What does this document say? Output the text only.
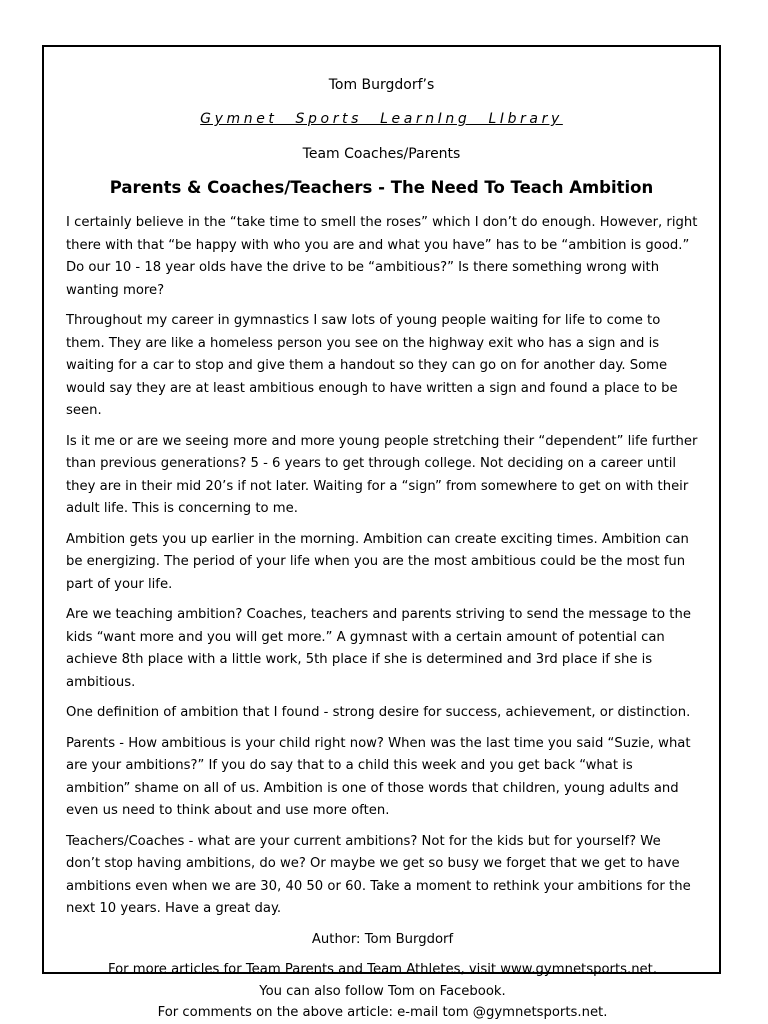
Tom Burgdorf’s
Gymnet Sports LearnIng LIbrary
Team Coaches/Parents
Parents & Coaches/Teachers - The Need To Teach Ambition

I certainly believe in the “take time to smell the roses” which I don’t do enough. However, right there with that “be happy with who you are and what you have” has to be “ambition is good.” Do our 10 - 18 year olds have the drive to be “ambitious?” Is there something wrong with wanting more?

Throughout my career in gymnastics I saw lots of young people waiting for life to come to them. They are like a homeless person you see on the highway exit who has a sign and is waiting for a car to stop and give them a handout so they can go on for another day. Some would say they are at least ambitious enough to have written a sign and found a place to be seen.

Is it me or are we seeing more and more young people stretching their “dependent” life further than previous generations? 5 - 6 years to get through college. Not deciding on a career until they are in their mid 20’s if not later. Waiting for a “sign” from somewhere to get on with their adult life. This is concerning to me.

Ambition gets you up earlier in the morning. Ambition can create exciting times. Ambition can be energizing. The period of your life when you are the most ambitious could be the most fun part of your life.

Are we teaching ambition? Coaches, teachers and parents striving to send the message to the kids “want more and you will get more.” A gymnast with a certain amount of potential can achieve 8th place with a little work, 5th place if she is determined and 3rd place if she is ambitious.

One definition of ambition that I found - strong desire for success, achievement, or distinction.

Parents - How ambitious is your child right now? When was the last time you said “Suzie, what are your ambitions?” If you do say that to a child this week and you get back “what is ambition” shame on all of us. Ambition is one of those words that children, young adults and even us need to think about and use more often.

Teachers/Coaches - what are your current ambitions? Not for the kids but for yourself? We don’t stop having ambitions, do we? Or maybe we get so busy we forget that we get to have ambitions even when we are 30, 40 50 or 60. Take a moment to rethink your ambitions for the next 10 years. Have a great day.

Author: Tom Burgdorf
For more articles for Team Parents and Team Athletes, visit www.gymnetsports.net.
You can also follow Tom on Facebook.
For comments on the above article: e-mail tom @gymnetsports.net.
